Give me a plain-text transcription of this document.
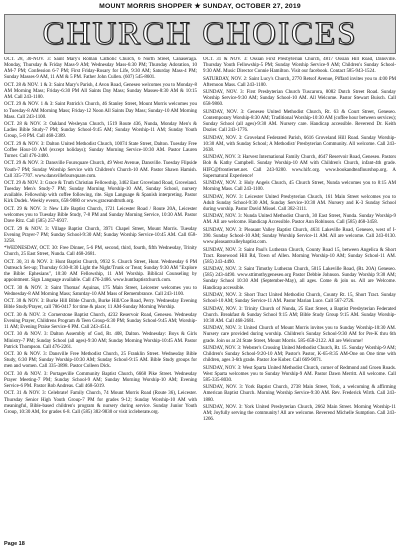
MOUNT MORRIS SHOPPER ★ SUNDAY, OCTOBER 27, 2019
CHURCH CHOICES

OCT. 28, 30-NOV. 3: Saint Mary's Roman Catholic Church, 6 North Street, Canaseraga. Monday, Thursday & Friday Mass-9 AM; Wednesday Mass-6:30 PM; Thursday Adoration, 10 AM-7 PM; Confession 6-7 PM; First Friday-Rosary for Life, 9:30 AM; Saturday Mass-4 PM; Sunday Masses-9 AM, 11 AM & 5 PM. Father John Cullen. (607) 545-8601.

OCT. 28 & NOV. 1 & 3: Saint Mary's Parish, 4 Avon Road, Geneseo welcomes you to Monday-8 AM Morning Mass; Friday-6:30 PM All Saints Day Mass; Sunday Masses-8:30 AM & 10:15 AM. Call 243-1100.

OCT. 29 & NOV. 1 & 3: Saint Patrick's Church, 46 Stanley Street, Mount Morris welcomes you to Tuesday-8 AM Morning Mass; Friday-12 Noon All Saints Day Mass; Sunday-10 AM Morning Mass. Call 243-1100.

OCT. 28 & NOV. 3: Oakland Wesleyan Church, 1519 Route 436, Nunda, Monday Men's & Ladies Bible Study-7 PM; Sunday School-9:45 AM; Sunday Worship-11 AM; Sunday Youth Group, 5-8 PM. Call 468-2389.

OCT. 29 & NOV. 3: Dalton United Methodist Church, 10074 State Street, Dalton. Tuesday Free Coffee Hour-10 AM (except holidays); Sunday Morning Service-10:30 AM. Pastor Lauren Turner. Call 476-2400.

OCT. 29 & NOV. 3: Dansville Foursquare Church, 49 West Avenue, Dansville. Tuesday Flipside Youth-7 PM; Sunday Worship Service with Children's Church-10 AM. Pastor Shawn Hamish. Call 335-7707. www.dansvillefoursquare.com.

OCT. 29 & NOV. 3: Grace & Truth Christian Fellowship, 3462 East Groveland Road, Groveland. Tuesday Men's Study-7 PM; Sunday Morning Worship-10 AM, Sunday School, nursery available. Fellowship with coffee following, rite. Sign Language & Spanish interpreting. Pastor Kirk Dudek. Weekly events, 658-9880 or www.graceandtruth.org.

OCT. 29 & NOV. 3: New Life Baptist Church, 1721 Leicester Road / Route 20A, Leicester welcomes you to Tuesday Bible Study, 7-8 PM and Sunday Morning Service, 10:30 AM. Pastor Dave Ritz. Call (585) 257-6937.

OCT. 29 & NOV. 3: Village Baptist Church, 3971 Chapel Street, Mount Morris. Tuesday Evening Prayer-7 PM; Sunday School-9:30 AM; Sunday Worship Service-10:45 AM. Call 658-3258.

*WEDNESDAY, OCT. 30: Free Dinner, 5-6 PM, second, third, fourth, fifth Wednesday, Trinity Church, 25 East Street, Nunda. Call 468-2681.

OCT. 30, 31 & NOV. 3: Hunt Baptist Church, 9932 S. Church Street, Hunt. Wednesday 6 PM Outreach Set-up; Thursday 6:30-8:30 Light the Night/Trunk or Treat; Sunday 9:30 AM "Explore the Bible: Ephesians", 10:30 AM Fellowship, 11 AM Worship. Biblical Counseling by appointment. Sign Language available. Call 476-2486. www.huntbaptistchurch.com.

OCT. 30 & NOV. 3: Saint Thomas' Aquinas, 175 Main Street, Leicester welcomes you to Wednesday-8 AM Morning Mass; Saturday-10 AM Mass of Remembrance. Call 243-1100.

OCT. 30 & NOV. 3: Burke Hill Bible Church, Burke Hill/Coe Road, Perry. Wednesday Evening Bible Study/Prayer, call 786-0417 for time & place; 11 AM-Sunday Morning Worship.

OCT. 30 & NOV. 3: Cornerstone Baptist Church, 4232 Reservoir Road, Geneseo. Wednesday Evening Prayer, Childrens Program & Teen Group-6:30 PM; Sunday School-9:45 AM; Worship-11 AM; Evening Praise Service-6 PM. Call 243-4514.

OCT. 30 & NOV. 3: Dalton Assembly of God, Rt. 408, Dalton. Wednesday: Boys & Girls Ministry-7 PM; Sunday School (all ages)-9:30 AM; Sunday Morning Worship-10:45 AM. Pastor Patrick Thompson. Call 476-2261.

OCT. 30 & NOV. 3: Dansville Free Methodist Church, 25 Franklin Street. Wednesday Bible Study, 6:30 PM; Sunday Worship-10:30 AM; Sunday School-9:15 AM. Bible Study groups for men and women. Call 335-3898. Pastor Colleen Dick.

OCT. 30 & NOV. 3: Portageville Community Baptist Church, 6668 Pike Street. Wednesday Prayer Meeting-7 PM; Sunday School-9 AM; Sunday Morning Worship-10 AM; Evening Service-6 PM. Pastor Rob Andreas. Call 468-5019.

OCT. 31 & NOV. 3: Celebrate! Family Church, 74 Mount Morris Road (Route 36), Leicester. Thursday Senior High Youth Group-7 PM for grades 9-12; Sunday Worship-10 AM with meaningful, Bible-based children's program & nursery during service. Sunday Junior Youth Group, 10:30 AM, for grades 6-8. Call (585) 382-9830 or visit iccleberate.org.

OCT. 31 & NOV. 3: Ossian First Presbyterian Church, 4817 Ossian Hill Road, Dansville. Thursday Youth Fellowship-5 PM; Sunday Worship Service-9 AM; Children's Sunday School-9:30 AM. Music Director Connie Hamilton. Visit our facebook. Contact 585-943-1524.

SATURDAY, NOV. 2: Saint Lucy's Church, 2770 Retsof Avenue, Piffard invites you to 4:00 PM Afternoon Mass. Call 243-1100.

SUNDAY, NOV. 3: First Presbyterian Church Tuscarora, 8082 Dutch Street Road. Sunday Worship Service-9:30 AM; Sunday School-10 AM. All Welcome. Pastor Stewart Buisch. Call 658-9860.

SUNDAY, NOV. 3: Geneseo United Methodist Church, Rt. 63 & Court Street, Geneseo. Contemporary Worship-8:30 AM; Traditional Worship-10:30 AM (coffee hour between services); Sunday School (all ages)-9:30 AM. Nursery care. Handicap accessible. Reverend Dr. Keith Dozier. Call 243-1776.

SUNDAY, NOV. 3: Groveland Federated Parish, 6616 Groveland Hill Road. Sunday Worship-10:30 AM, with Sunday School; A Methodist/ Presbyterian Community. All welcome. Call 243-2638.

SUNDAY, NOV. 3: Harvest International Family Church, 4647 Reservoir Road, Geneseo. Pastors Bob & Kathy Campbell. Sunday Worship-10 AM with Children's Church, infant-4th grade. HIFC@frontiernet.net. Call 243-9280. www.hifc.org. www.bookandteaflourshop.org. A Supernatural Experience!

SUNDAY, NOV. 3: Holy Angels Church, 45 Church Street, Nunda welcomes you to 8:15 AM Morning Mass. Call 243-1100.

SUNDAY, NOV. 3: Leicester United Presbyterian Church, 161 Main Street welcomes you to Adult Sunday School-9:30 AM, Sunday Service-10:30 AM. Nursery and K-3 Sunday School during worship. Pastor David Missel. Call 382-3111.

SUNDAY, NOV. 3: Nunda United Methodist Church, 30 East Street, Nunda. Sunday Worship-9 AM. All are welcome. Handicap Accessible. Pastor Ann Robinson. Call (585) 468-3458.

SUNDAY, NOV. 3: Pleasant Valley Baptist Church, 4631 Lakeville Road, Geneseo, west of I-390. Sunday School-10 AM; Sunday Worship Service-11 AM. All are welcome. Call 243-0130. www.pleasantvalleybaptist.com.

SUNDAY, NOV. 3: Saint Paul's Lutheran Church, County Road 15, between Angelica & Short Tract. Rosewood Hill Rd, Town of Allen. Morning Worship-10 AM; Sunday School-11 AM. (585) 243-4490.

SUNDAY, NOV. 3: Saint Timothy Lutheran Church, 5015 Lakeville Road, (Rt. 20A) Geneseo. (585) 243-4490. www.sttimothygeneseo.org Pastor Debbie Johnson. Sunday Worship 9:30 AM; Sunday School 10:30 AM (September-May), all ages. Come & join us. All are Welcome. Handicap accessible.

SUNDAY, NOV. 3: Short Tract United Methodist Church, County Rt. 15, Short Tract. Sunday School-10 AM; Sunday Service-11 AM. Pastor Marian Luce. Call 567-2726.

SUNDAY, NOV. 3: Trinity Church of Nunda, 25 East Street, a Baptist Presbyterian Federated Church. Breakfast & Sunday School 9:15 AM; Bible Study Group 9:15 AM. Sunday Worship-10:30 AM. Call 468-2681.

SUNDAY, NOV. 3: United Church of Mount Morris invites you to Sunday Worship-10:30 AM. Nursery care provided during worship. Children's Sunday School-9:30 AM for Pre-K thru 6th grade. Join us at 24 State Street, Mount Morris. 585-658-2122. All are Welcome!

SUNDAY, NOV. 3: Webster's Crossing United Methodist Church, Rt. 15. Sunday Worship-9 AM; Children's Sunday School-9:20-10 AM; Pastor's Pastor, K-65-8:35 AM-One on One time with children, ages 3-6th grade. Pastor Joe Kober. Call 669-9071.

SUNDAY, NOV. 3: West Sparta United Methodist Church, corner of Redmond and Groen Roads. West Sparta welcomes you to Sunday Worship-9 AM. Pastor Dawn Merritt. All welcome. Call 585-335-8030.

SUNDAY, NOV. 3: York Baptist Church, 2738 Main Street, York, a welcoming & affirming American Baptist Church. Morning Worship Service-9:30 AM. Rev. Frederick Wirth. Call 243-1880.

SUNDAY, NOV. 3: York United Presbyterian Church, 2662 Main Street. Morning Worship-11 AM; Joyfully serving the community! All are welcome. Reverend Michelle Sumption. Call 243-1266.

Page 18
